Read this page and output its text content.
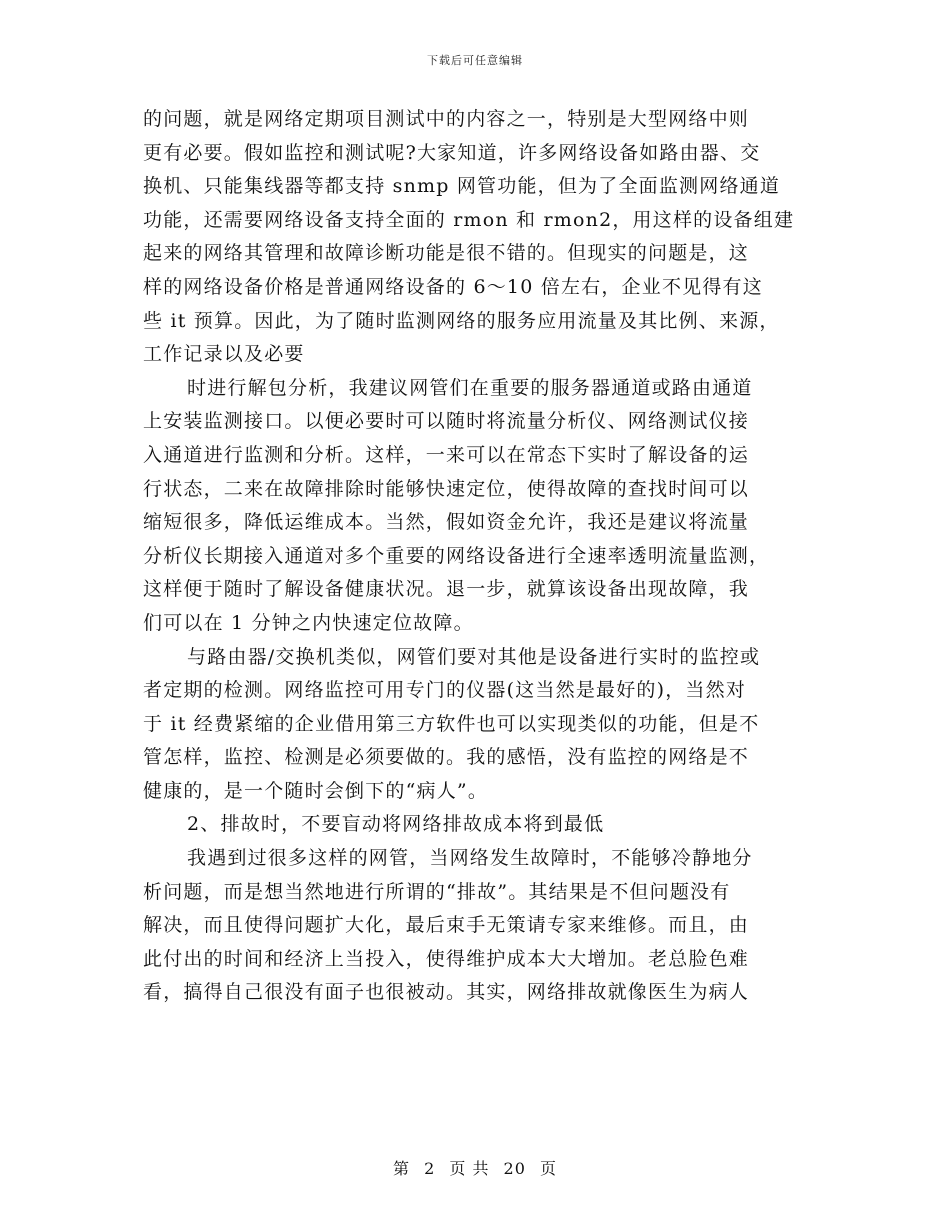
下载后可任意编辑
的问题，就是网络定期项目测试中的内容之一，特别是大型网络中则
更有必要。假如监控和测试呢?大家知道，许多网络设备如路由器、交
换机、只能集线器等都支持 snmp 网管功能，但为了全面监测网络通道
功能，还需要网络设备支持全面的 rmon 和 rmon2，用这样的设备组建
起来的网络其管理和故障诊断功能是很不错的。但现实的问题是，这
样的网络设备价格是普通网络设备的 6～10 倍左右，企业不见得有这
些 it 预算。因此，为了随时监测网络的服务应用流量及其比例、来源，
工作记录以及必要
时进行解包分析，我建议网管们在重要的服务器通道或路由通道
上安装监测接口。以便必要时可以随时将流量分析仪、网络测试仪接
入通道进行监测和分析。这样，一来可以在常态下实时了解设备的运
行状态，二来在故障排除时能够快速定位，使得故障的查找时间可以
缩短很多，降低运维成本。当然，假如资金允许，我还是建议将流量
分析仪长期接入通道对多个重要的网络设备进行全速率透明流量监测，
这样便于随时了解设备健康状况。退一步，就算该设备出现故障，我
们可以在 1 分钟之内快速定位故障。
与路由器/交换机类似，网管们要对其他是设备进行实时的监控或
者定期的检测。网络监控可用专门的仪器(这当然是最好的)，当然对
于 it 经费紧缩的企业借用第三方软件也可以实现类似的功能，但是不
管怎样，监控、检测是必须要做的。我的感悟，没有监控的网络是不
健康的，是一个随时会倒下的“病人”。
2、排故时，不要盲动将网络排故成本将到最低
我遇到过很多这样的网管，当网络发生故障时，不能够冷静地分
析问题，而是想当然地进行所谓的“排故”。其结果是不但问题没有
解决，而且使得问题扩大化，最后束手无策请专家来维修。而且，由
此付出的时间和经济上当投入，使得维护成本大大增加。老总脸色难
看，搞得自己很没有面子也很被动。其实，网络排故就像医生为病人
第 2 页 共 20 页
